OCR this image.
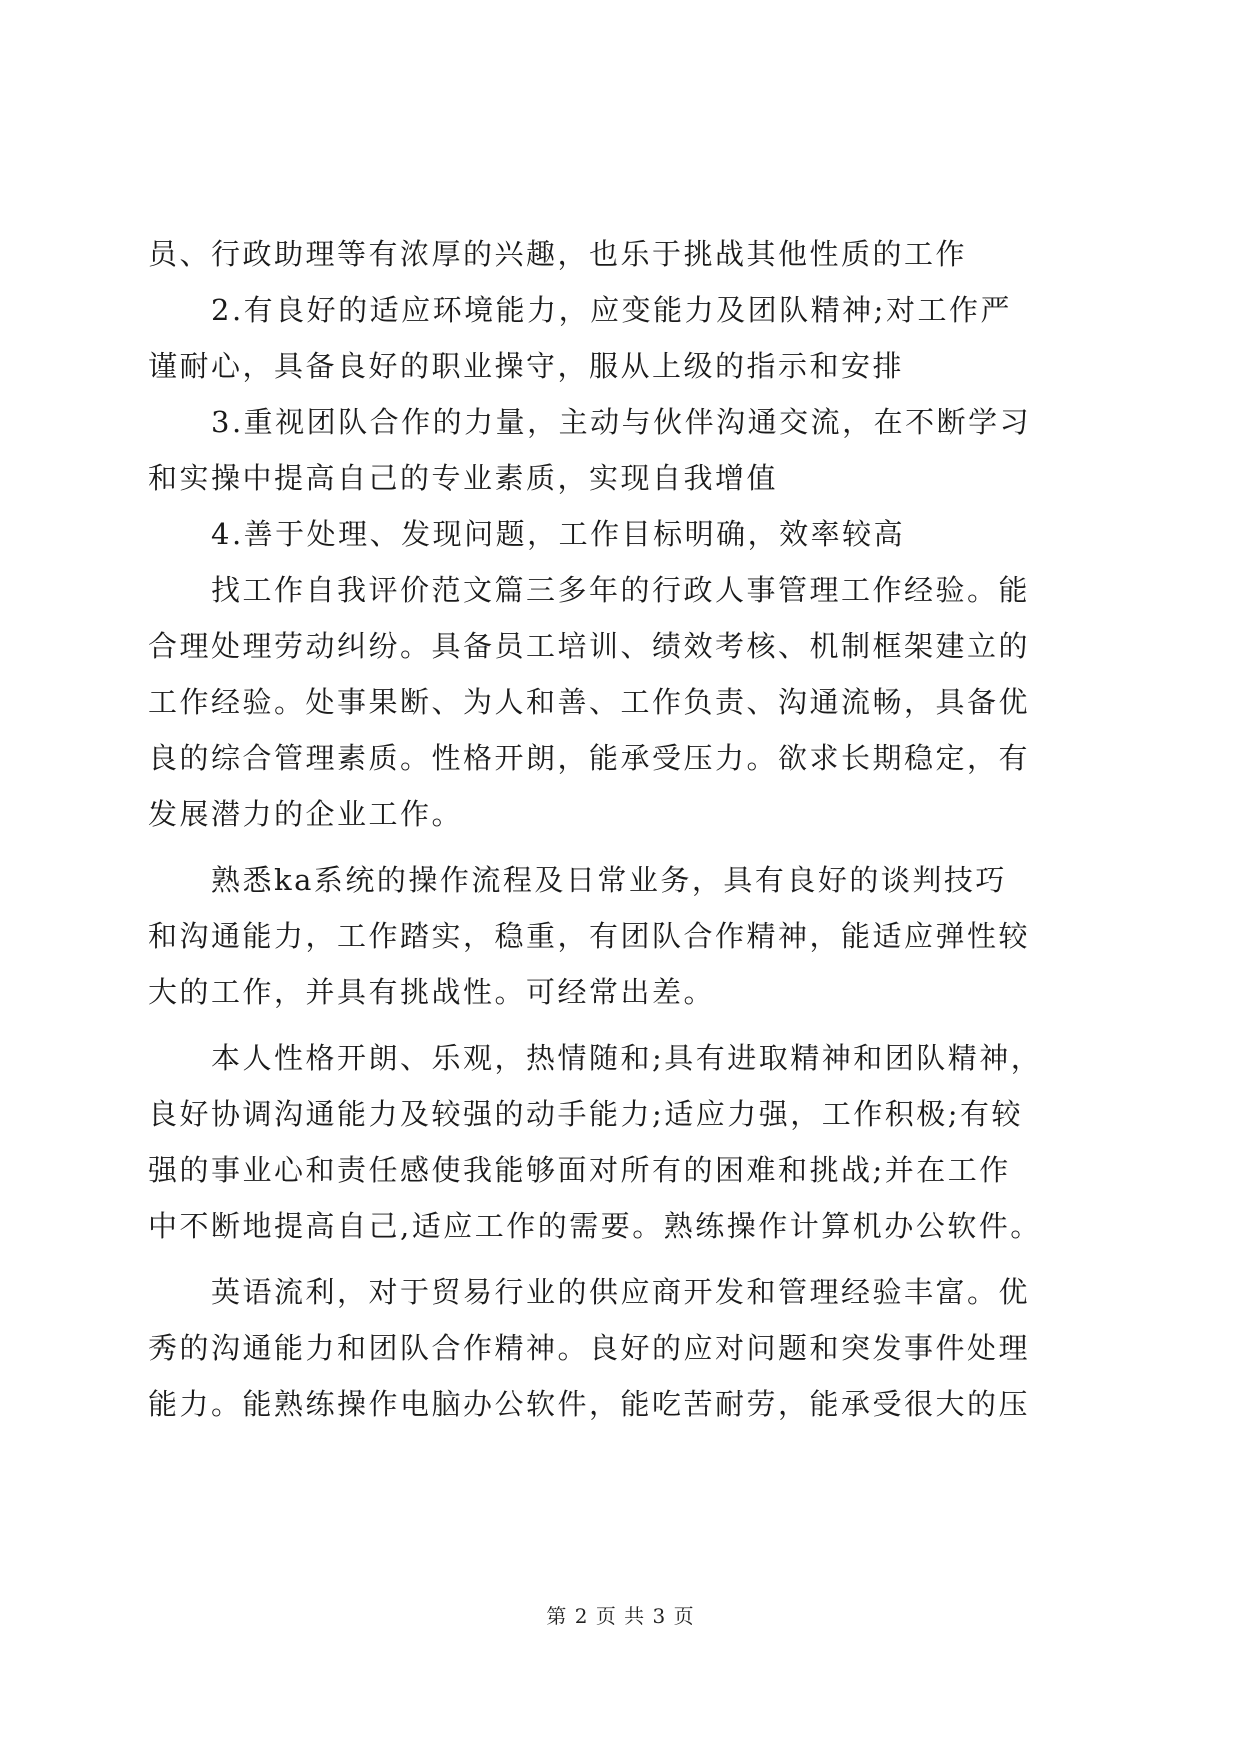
员、行政助理等有浓厚的兴趣，也乐于挑战其他性质的工作
　　2.有良好的适应环境能力，应变能力及团队精神;对工作严
谨耐心，具备良好的职业操守，服从上级的指示和安排
　　3.重视团队合作的力量，主动与伙伴沟通交流，在不断学习
和实操中提高自己的专业素质，实现自我增值
　　4.善于处理、发现问题，工作目标明确，效率较高
　　找工作自我评价范文篇三多年的行政人事管理工作经验。能
合理处理劳动纠纷。具备员工培训、绩效考核、机制框架建立的
工作经验。处事果断、为人和善、工作负责、沟通流畅，具备优
良的综合管理素质。性格开朗，能承受压力。欲求长期稳定，有
发展潜力的企业工作。
　　熟悉ka系统的操作流程及日常业务，具有良好的谈判技巧
和沟通能力，工作踏实，稳重，有团队合作精神，能适应弹性较
大的工作，并具有挑战性。可经常出差。
　　本人性格开朗、乐观，热情随和;具有进取精神和团队精神，
良好协调沟通能力及较强的动手能力;适应力强，工作积极;有较
强的事业心和责任感使我能够面对所有的困难和挑战;并在工作
中不断地提高自己,适应工作的需要。熟练操作计算机办公软件。
　　英语流利，对于贸易行业的供应商开发和管理经验丰富。优
秀的沟通能力和团队合作精神。良好的应对问题和突发事件处理
能力。能熟练操作电脑办公软件，能吃苦耐劳，能承受很大的压
第 2 页 共 3 页
